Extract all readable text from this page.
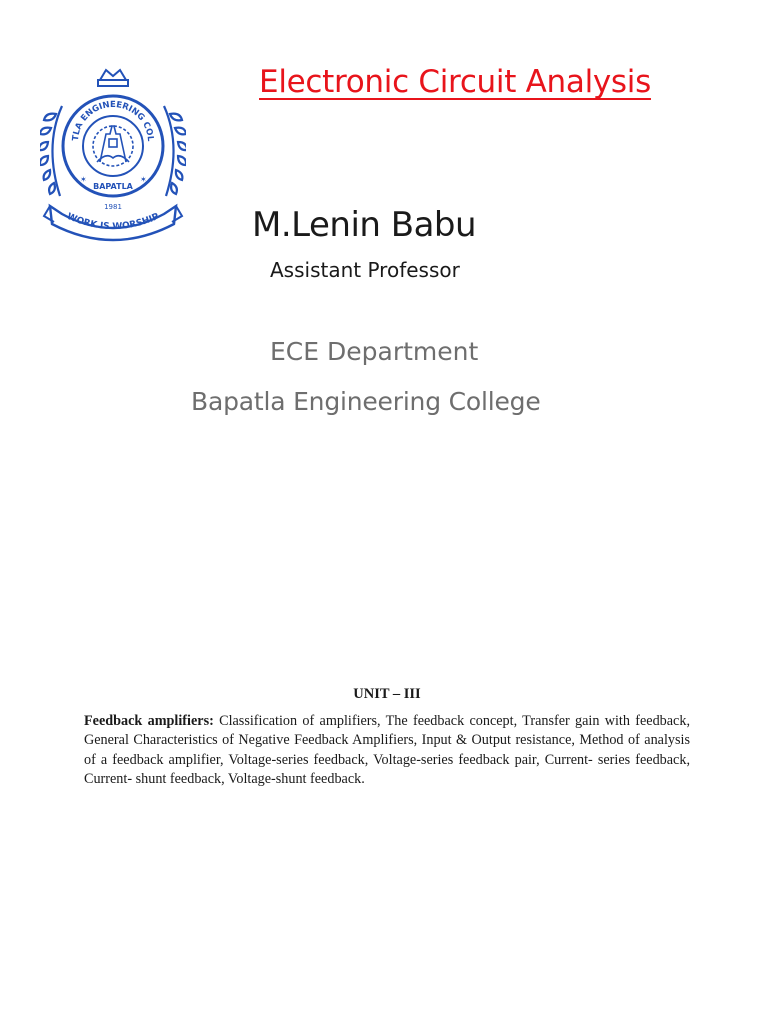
TLA ENGINEERING COL
BAPATLA
✶	✶
1981
WORK IS WORSHIP
Electronic Circuit Analysis
M.Lenin Babu
Assistant Professor
ECE Department
Bapatla Engineering College
UNIT – III
Feedback amplifiers: Classification of amplifiers, The feedback concept, Transfer gain with feedback, General Characteristics of Negative Feedback Amplifiers, Input & Output resistance, Method of analysis of a feedback amplifier, Voltage-series feedback, Voltage-series feedback pair, Current- series feedback, Current- shunt feedback, Voltage-shunt feedback.
